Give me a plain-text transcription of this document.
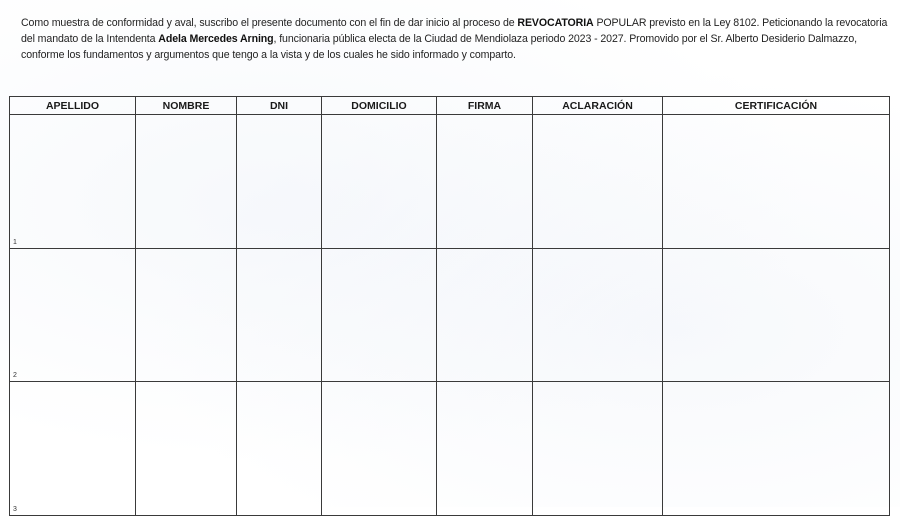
Como muestra de conformidad y aval, suscribo el presente documento con el fin de dar inicio al proceso de REVOCATORIA POPULAR previsto en la Ley 8102. Peticionando la revocatoria del mandato de la Intendenta Adela Mercedes Arning, funcionaria pública electa de la Ciudad de Mendiolaza periodo 2023 - 2027. Promovido por el Sr. Alberto Desiderio Dalmazzo, conforme los fundamentos y argumentos que tengo a la vista y de los cuales he sido informado y comparto.

APELLIDO	NOMBRE	DNI	DOMICILIO	FIRMA	ACLARACIÓN	CERTIFICACIÓN

1						

2						

3						
